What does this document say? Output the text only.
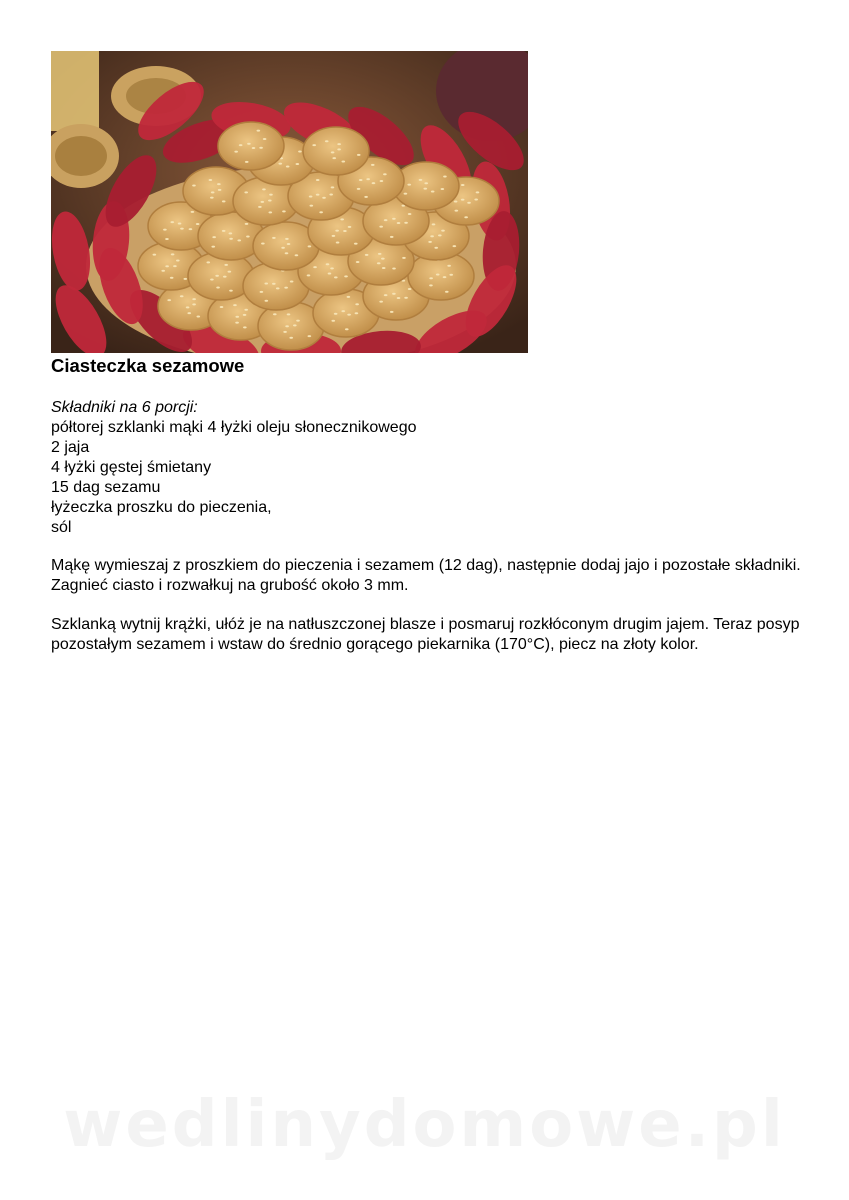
Ciasteczka sezamowe
Składniki na 6 porcji:
półtorej szklanki mąki 4 łyżki oleju słonecznikowego
2 jaja
4 łyżki gęstej śmietany
15 dag sezamu
łyżeczka proszku do pieczenia,
sól

Mąkę wymieszaj z proszkiem do pieczenia i sezamem (12 dag), następnie dodaj jajo i pozostałe składniki. Zagnieć ciasto i rozwałkuj na grubość około 3 mm.

Szklanką wytnij krążki, ułóż je na natłuszczonej blasze i posmaruj rozkłóconym drugim jajem. Teraz posyp pozostałym sezamem i wstaw do średnio gorącego piekarnika (170°C), piecz na złoty kolor.

wedlinydomowe.pl
